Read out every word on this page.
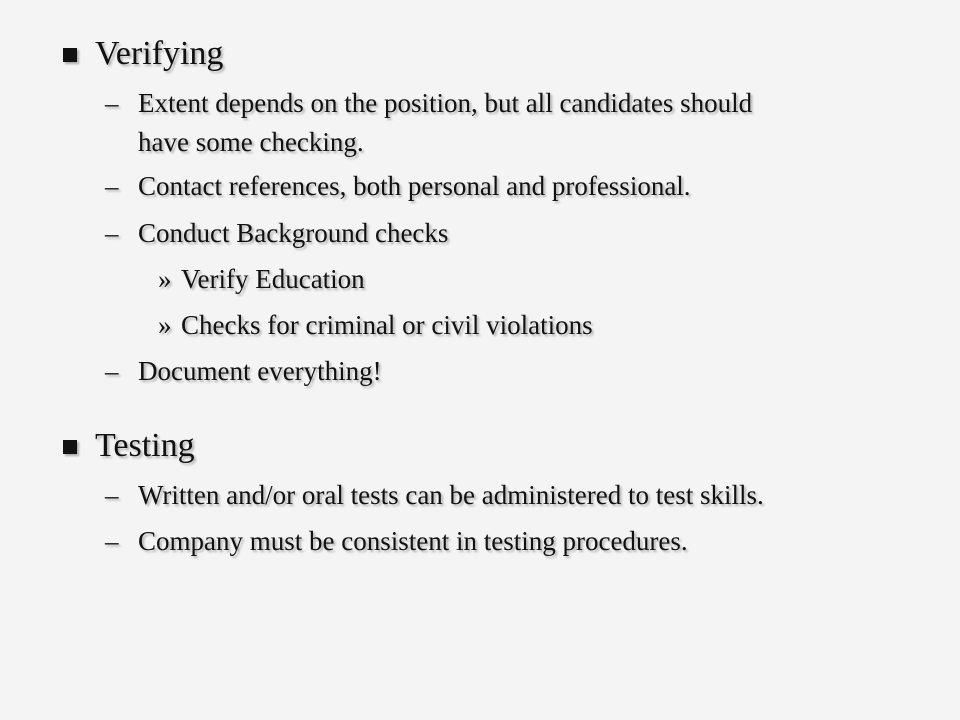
Verifying
– Extent depends on the position, but all candidates should
have some checking.
– Contact references, both personal and professional.
– Conduct Background checks
» Verify Education
» Checks for criminal or civil violations
– Document everything!
Testing
– Written and/or oral tests can be administered to test skills.
– Company must be consistent in testing procedures.
